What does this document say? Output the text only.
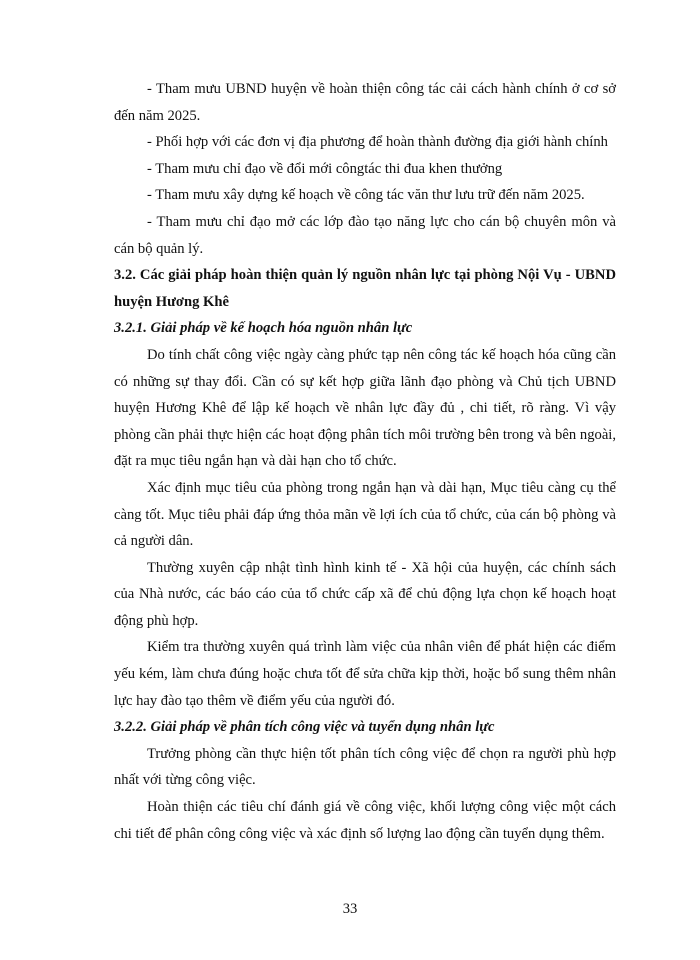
- Tham mưu UBND huyện về hoàn thiện công tác cải cách hành chính ở cơ sở đến năm 2025.

- Phối hợp với các đơn vị địa phương để hoàn thành đường địa giới hành chính

- Tham mưu chỉ đạo về đổi mới côngtác thi đua khen thưởng

- Tham mưu xây dựng kế hoạch về công tác văn thư lưu trữ đến năm 2025.

- Tham mưu chỉ đạo mở các lớp đào tạo năng lực cho cán bộ chuyên môn và cán bộ quản lý.

3.2. Các giải pháp hoàn thiện quản lý nguồn nhân lực tại phòng Nội Vụ - UBND huyện Hương Khê

3.2.1. Giải pháp về kế hoạch hóa nguồn nhân lực

Do tính chất công việc ngày càng phức tạp nên công tác kế hoạch hóa cũng cần có những sự thay đổi. Cần có sự kết hợp giữa lãnh đạo phòng và Chủ tịch UBND huyện Hương Khê để lập kế hoạch về nhân lực đầy đủ , chi tiết, rõ ràng. Vì vậy phòng cần phải thực hiện các hoạt động phân tích môi trường bên trong và bên ngoài, đặt ra mục tiêu ngắn hạn và dài hạn cho tổ chức.

Xác định mục tiêu của phòng trong ngắn hạn và dài hạn, Mục tiêu càng cụ thể càng tốt. Mục tiêu phải đáp ứng thỏa mãn về lợi ích của tổ chức, của cán bộ phòng và cả người dân.

Thường xuyên cập nhật tình hình kinh tế - Xã hội của huyện, các chính sách của Nhà nước, các báo cáo của tổ chức cấp xã để chủ động lựa chọn kế hoạch hoạt động phù hợp.

Kiểm tra thường xuyên quá trình làm việc của nhân viên để phát hiện các điểm yếu kém, làm chưa đúng hoặc chưa tốt để sửa chữa kịp thời, hoặc bổ sung thêm nhân lực hay đào tạo thêm về điểm yếu của người đó.

3.2.2. Giải pháp về phân tích công việc và tuyển dụng nhân lực

Trưởng phòng cần thực hiện tốt phân tích công việc để chọn ra người phù hợp nhất với từng công việc.

Hoàn thiện các tiêu chí đánh giá về công việc, khối lượng công việc một cách chi tiết để phân công công việc và xác định số lượng lao động cần tuyển dụng thêm.

33
